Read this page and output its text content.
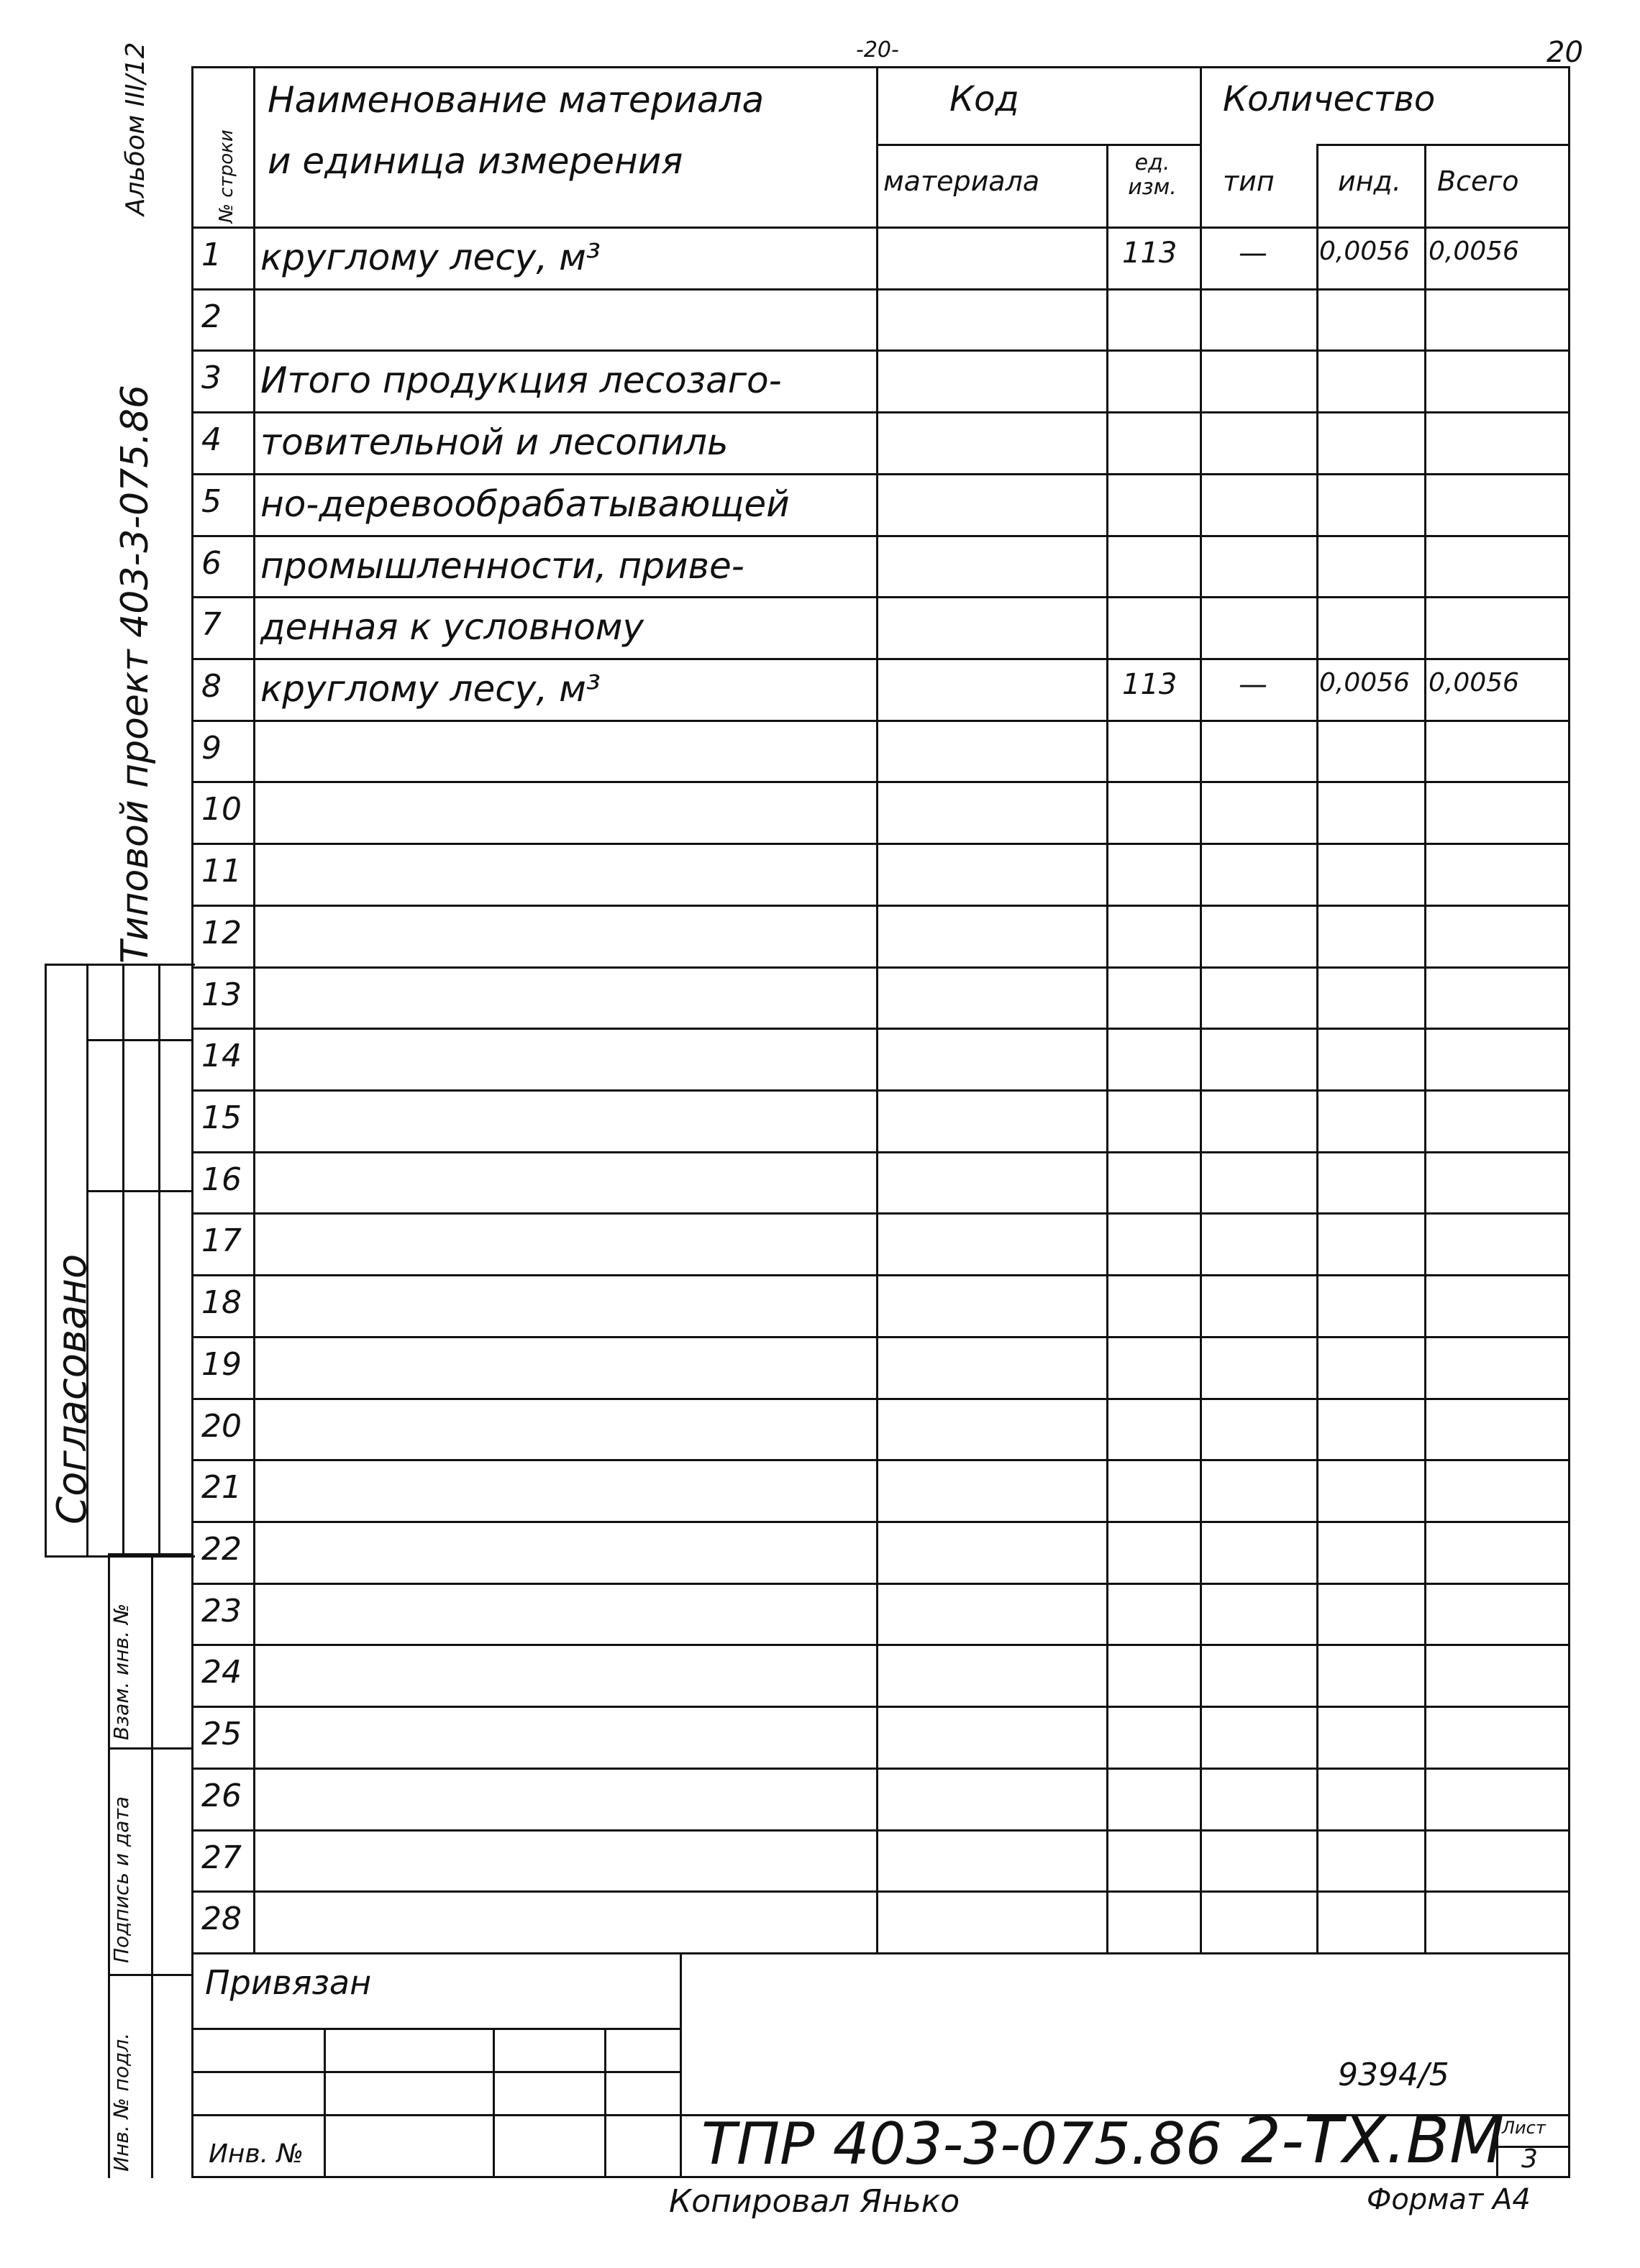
-20-	20
Альбом III/12
Типовой проект 403-3-075.86
Согласовано
Взам. инв. №
Подпись и дата
Инв. № подл.
Наименование материала
и единица измерения
№ строки
Код
материала
ед. изм.
Количество
тип инд. Всего
1 круглому лесу, м³	113 — 0,0056 0,0056
2
3 Итого продукция лесозаго-
4 товительной и лесопиль
5 но-деревообрабатывающей
6 промышленности, приве-
7 денная к условному
8 круглому лесу, м³	113 — 0,0056 0,0056
9
10
11
12
13
14
15
16
17
18
19
20
21
22
23
24
25
26
27
28
Привязан
Инв. №
9394/5
ТПР 403-3-075.86 2-ТХ.ВМ
Лист
3
Копировал Янько	Формат А4
